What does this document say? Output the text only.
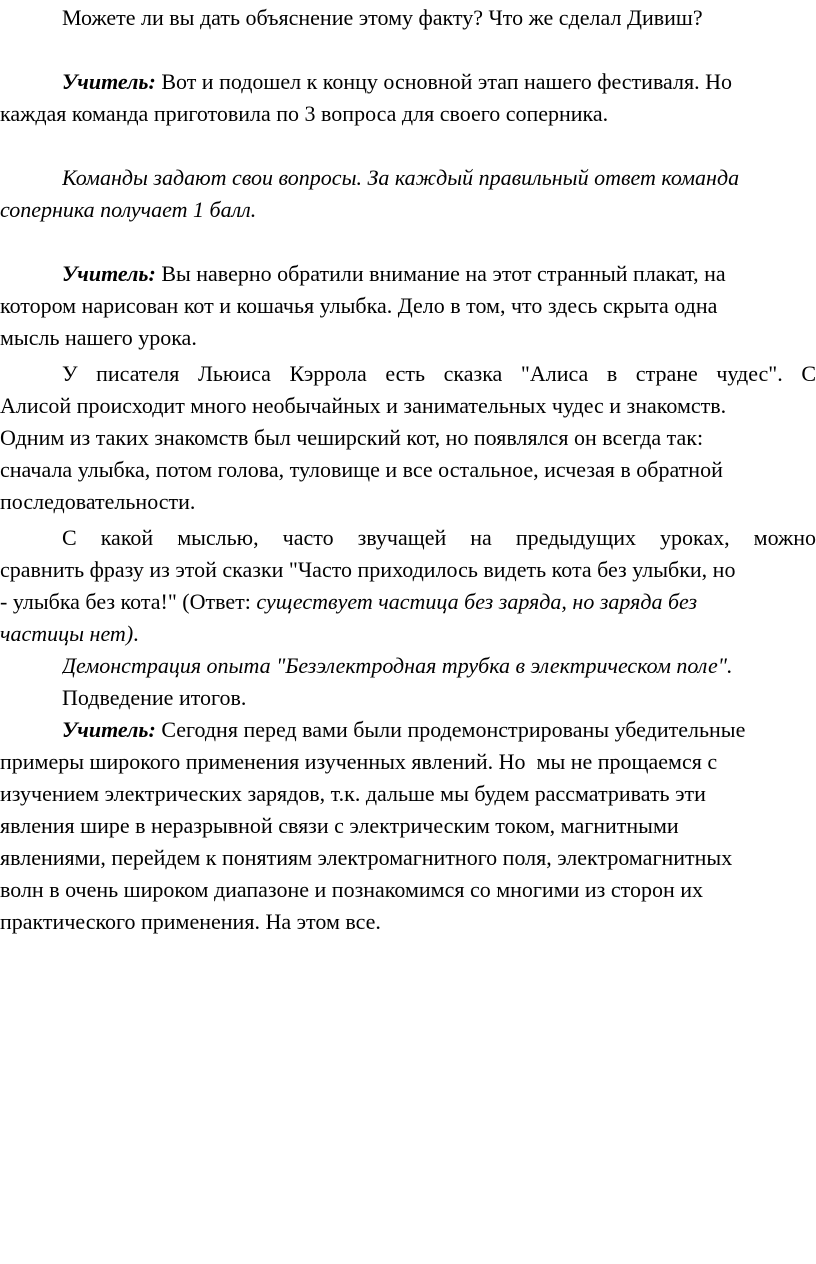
Можете ли вы дать объяснение этому факту? Что же сделал Дивиш?
Учитель: Вот и подошел к концу основной этап нашего фестиваля. Но
каждая команда приготовила по 3 вопроса для своего соперника.
Команды задают свои вопросы. За каждый правильный ответ команда
соперника получает 1 балл.
Учитель: Вы наверно обратили внимание на этот странный плакат, на
котором нарисован кот и кошачья улыбка. Дело в том, что здесь скрыта одна
мысль нашего урока.
У писателя Льюиса Кэррола есть сказка "Алиса в стране чудес". С
Алисой происходит много необычайных и занимательных чудес и знакомств.
Одним из таких знакомств был чеширский кот, но появлялся он всегда так:
сначала улыбка, потом голова, туловище и все остальное, исчезая в обратной
последовательности.
С какой мыслью, часто звучащей на предыдущих уроках, можно
сравнить фразу из этой сказки "Часто приходилось видеть кота без улыбки, но
- улыбка без кота!" (Ответ: существует частица без заряда, но заряда без
частицы нет).
Демонстрация опыта "Безэлектродная трубка в электрическом поле".
Подведение итогов.
Учитель: Сегодня перед вами были продемонстрированы убедительные
примеры широкого применения изученных явлений. Но  мы не прощаемся с
изучением электрических зарядов, т.к. дальше мы будем рассматривать эти
явления шире в неразрывной связи с электрическим током, магнитными
явлениями, перейдем к понятиям электромагнитного поля, электромагнитных
волн в очень широком диапазоне и познакомимся со многими из сторон их
практического применения. На этом все.
